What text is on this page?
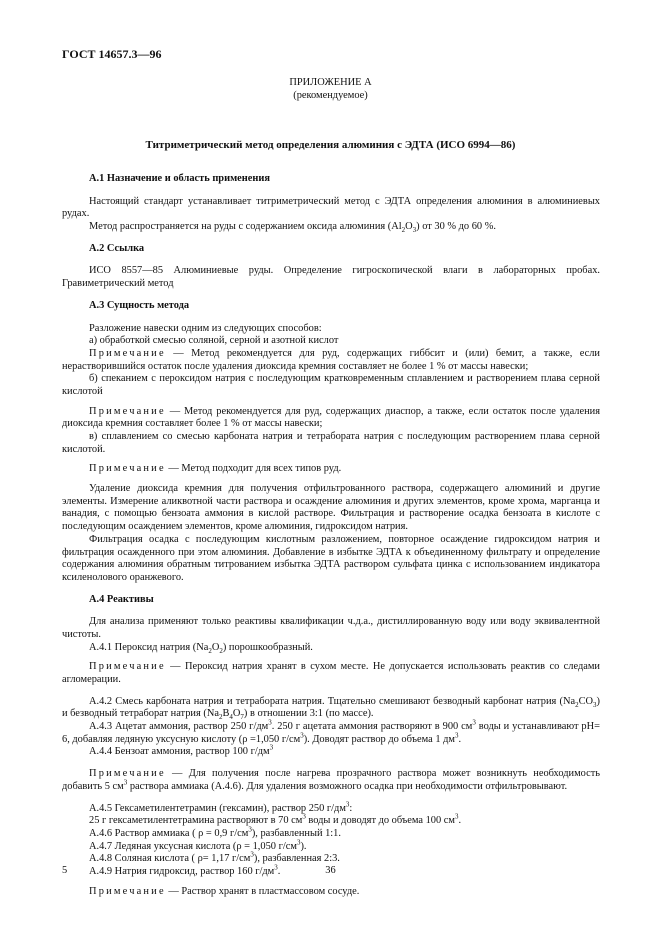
ГОСТ 14657.3—96
ПРИЛОЖЕНИЕ А
(рекомендуемое)
Титриметрический метод определения алюминия с ЭДТА (ИСО 6994—86)

А.1 Назначение и область применения

Настоящий стандарт устанавливает титриметрический метод с ЭДТА определения алюминия в алюминиевых рудах.

Метод распространяется на руды с содержанием оксида алюминия $(Al_2O_3)$ от 30 % до 60 %.

А.2 Ссылка

ИСО 8557—85 Алюминиевые руды. Определение гигроскопической влаги в лабораторных пробах. Гравиметрический метод

А.3 Сущность метода

Разложение навески одним из следующих способов:

а) обработкой смесью соляной, серной и азотной кислот

Примечание — Метод рекомендуется для руд, содержащих гиббсит и (или) бемит, а также, если нерастворившийся остаток после удаления диоксида кремния составляет не более 1 % от массы навески;

б) спеканием с пероксидом натрия с последующим кратковременным сплавлением и растворением плава серной кислотой

Примечание — Метод рекомендуется для руд, содержащих диаспор, а также, если остаток после удаления диоксида кремния составляет более 1 % от массы навески;

в) сплавлением со смесью карбоната натрия и тетрабората натрия с последующим растворением плава серной кислотой.

Примечание — Метод подходит для всех типов руд.

Удаление диоксида кремния для получения отфильтрованного раствора, содержащего алюминий и другие элементы. Измерение аликвотной части раствора и осаждение алюминия и других элементов, кроме хрома, марганца и ванадия, с помощью бензоата аммония в кислой растворе. Фильтрация и растворение осадка бензоата в кислоте с последующим осаждением элементов, кроме алюминия, гидроксидом натрия.

Фильтрация осадка с последующим кислотным разложением, повторное осаждение гидроксидом натрия и фильтрация осажденного при этом алюминия. Добавление в избытке ЭДТА к объединенному фильтрату и определение содержания алюминия обратным титрованием избытка ЭДТА раствором сульфата цинка с использованием индикатора ксиленолового оранжевого.

А.4 Реактивы

Для анализа применяют только реактивы квалификации ч.д.а., дистиллированную воду или воду эквивалентной чистоты.

А.4.1 Пероксид натрия $(Na_2O_2)$ порошкообразный.

Примечание — Пероксид натрия хранят в сухом месте. Не допускается использовать реактив со следами агломерации.

А.4.2 Смесь карбоната натрия и тетрабората натрия. Тщательно смешивают безводный карбонат натрия $(Na_2CO_3)$ и безводный тетраборат натрия $(Na_2B_4O_7)$ в отношении 3:1 (по массе).

А.4.3 Ацетат аммония, раствор 250 $г/дм^3$. 250 г ацетата аммония растворяют в 900 $см^3$ воды и устанавливают pH= 6, добавляя ледяную уксусную кислоту (ρ =1,050 $г/см^3$). Доводят раствор до объема 1 $дм^3$.

А.4.4 Бензоат аммония, раствор 100 $г/дм^3$

Примечание — Для получения после нагрева прозрачного раствора может возникнуть необходимость добавить 5 $см^3$ раствора аммиака (А.4.6). Для удаления возможного осадка при необходимости отфильтровывают.

А.4.5 Гексаметилентетрамин (гексамин), раствор 250 $г/дм^3$:

25 г гексаметилентетрамина растворяют в 70 $см^3$ воды и доводят до объема 100 $см^3$.

А.4.6 Раствор аммиака ( ρ = 0,9 $г/см^3$), разбавленный 1:1.

А.4.7 Ледяная уксусная кислота (ρ = 1,050 $г/см^3$).

А.4.8 Соляная кислота ( ρ= 1,17 $г/см^3$), разбавленная 2:3.

А.4.9 Натрия гидроксид, раствор 160 $г/дм^3$.

Примечание — Раствор хранят в пластмассовом сосуде.

5	36
